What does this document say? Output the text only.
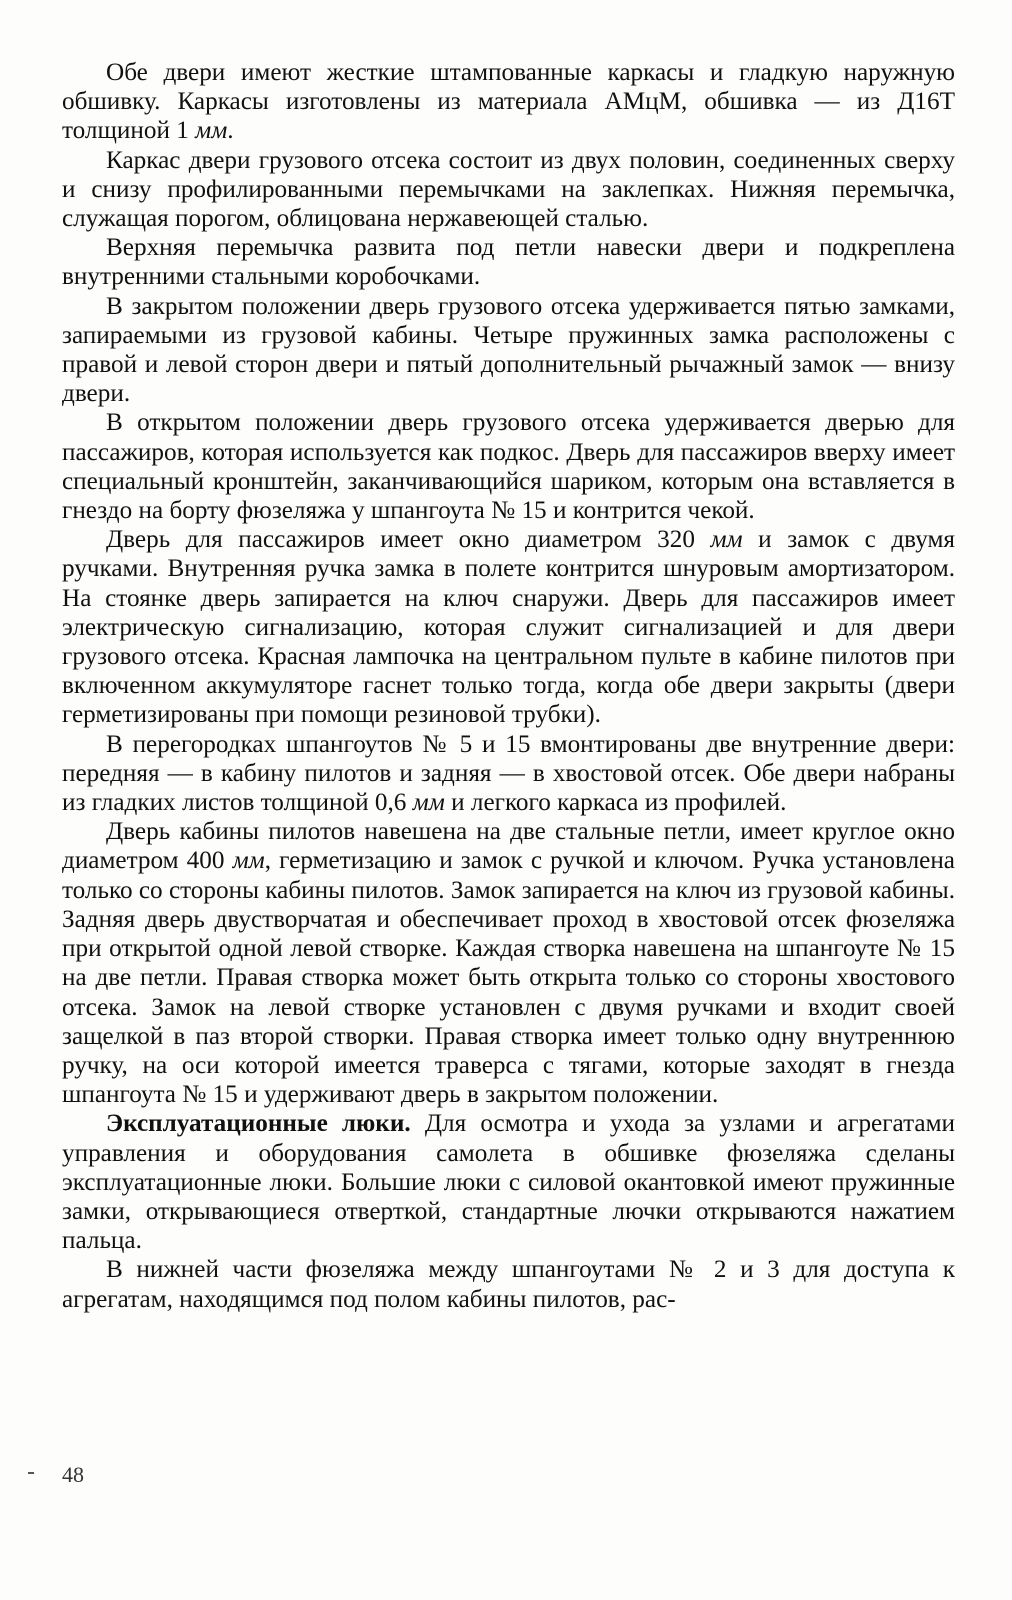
Обе двери имеют жесткие штампованные каркасы и гладкую наружную обшивку. Каркасы изготовлены из материала АМцМ, обшивка — из Д16Т толщиной 1 мм.

Каркас двери грузового отсека состоит из двух половин, соединенных сверху и снизу профилированными перемычками на заклепках. Нижняя перемычка, служащая порогом, облицована нержавеющей сталью.

Верхняя перемычка развита под петли навески двери и подкреплена внутренними стальными коробочками.

В закрытом положении дверь грузового отсека удерживается пятью замками, запираемыми из грузовой кабины. Четыре пружинных замка расположены с правой и левой сторон двери и пятый дополнительный рычажный замок — внизу двери.

В открытом положении дверь грузового отсека удерживается дверью для пассажиров, которая используется как подкос. Дверь для пассажиров вверху имеет специальный кронштейн, заканчивающийся шариком, которым она вставляется в гнездо на борту фюзеляжа у шпангоута № 15 и контрится чекой.

Дверь для пассажиров имеет окно диаметром 320 мм и замок с двумя ручками. Внутренняя ручка замка в полете контрится шнуровым амортизатором. На стоянке дверь запирается на ключ снаружи. Дверь для пассажиров имеет электрическую сигнализацию, которая служит сигнализацией и для двери грузового отсека. Красная лампочка на центральном пульте в кабине пилотов при включенном аккумуляторе гаснет только тогда, когда обе двери закрыты (двери герметизированы при помощи резиновой трубки).

В перегородках шпангоутов № 5 и 15 вмонтированы две внутренние двери: передняя — в кабину пилотов и задняя — в хвостовой отсек. Обе двери набраны из гладких листов толщиной 0,6 мм и легкого каркаса из профилей.

Дверь кабины пилотов навешена на две стальные петли, имеет круглое окно диаметром 400 мм, герметизацию и замок с ручкой и ключом. Ручка установлена только со стороны кабины пилотов. Замок запирается на ключ из грузовой кабины. Задняя дверь двустворчатая и обеспечивает проход в хвостовой отсек фюзеляжа при открытой одной левой створке. Каждая створка навешена на шпангоуте № 15 на две петли. Правая створка может быть открыта только со стороны хвостового отсека. Замок на левой створке установлен с двумя ручками и входит своей защелкой в паз второй створки. Правая створка имеет только одну внутреннюю ручку, на оси которой имеется траверса с тягами, которые заходят в гнезда шпангоута № 15 и удерживают дверь в закрытом положении.

Эксплуатационные люки. Для осмотра и ухода за узлами и агрегатами управления и оборудования самолета в обшивке фюзеляжа сделаны эксплуатационные люки. Большие люки с силовой окантовкой имеют пружинные замки, открывающиеся отверткой, стандартные лючки открываются нажатием пальца.

В нижней части фюзеляжа между шпангоутами № 2 и 3 для доступа к агрегатам, находящимся под полом кабины пилотов, рас-

48
